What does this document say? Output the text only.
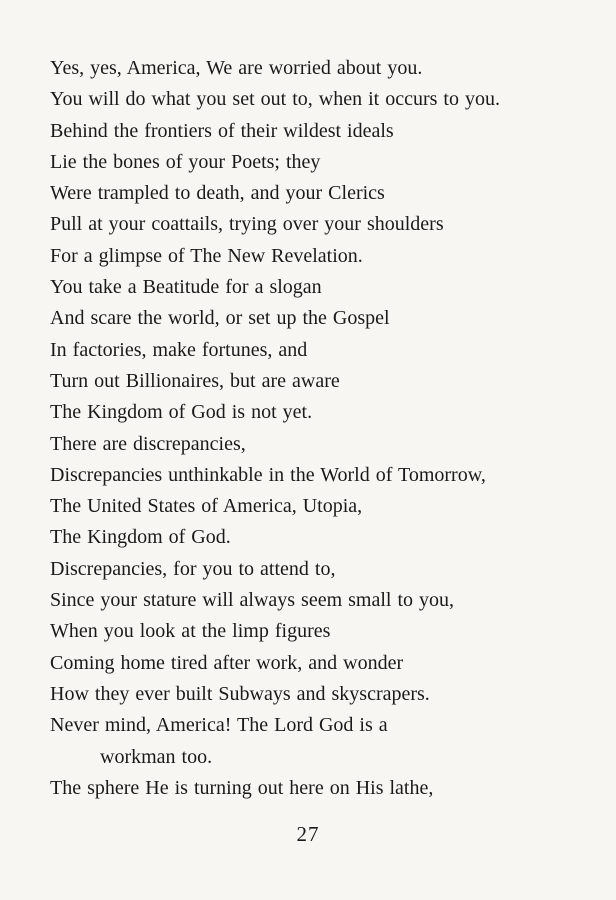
Yes, yes, America, We are worried about you.
You will do what you set out to, when it occurs to you.
Behind the frontiers of their wildest ideals
Lie the bones of your Poets; they
Were trampled to death, and your Clerics
Pull at your coattails, trying over your shoulders
For a glimpse of The New Revelation.
You take a Beatitude for a slogan
And scare the world, or set up the Gospel
In factories, make fortunes, and
Turn out Billionaires, but are aware
The Kingdom of God is not yet.
There are discrepancies,
Discrepancies unthinkable in the World of Tomorrow,
The United States of America, Utopia,
The Kingdom of God.
Discrepancies, for you to attend to,
Since your stature will always seem small to you,
When you look at the limp figures
Coming home tired after work, and wonder
How they ever built Subways and skyscrapers.
Never mind, America! The Lord God is a
workman too.
The sphere He is turning out here on His lathe,
27
